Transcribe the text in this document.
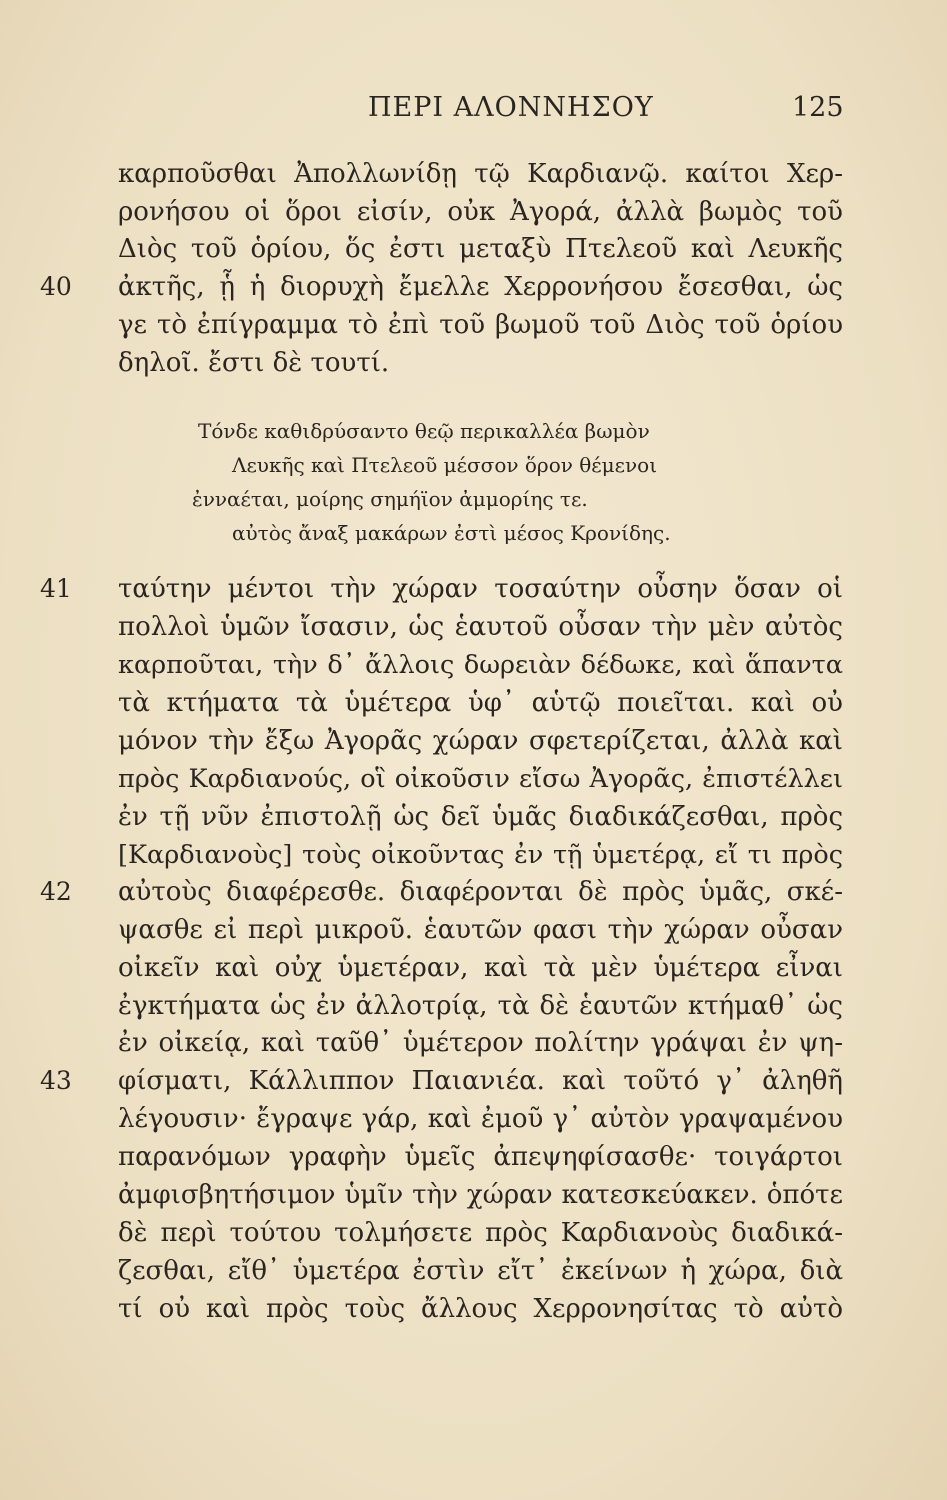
ΠΕΡΙ ΑΛΟΝΝΗΣΟΥ	125
40
41
42
43
καρποῦσθαι Ἀπολλωνίδῃ τῷ Καρδιανῷ. καίτοι Χερ-
ρονήσου οἱ ὅροι εἰσίν, οὐκ Ἀγορά, ἀλλὰ βωμὸς τοῦ
Διὸς τοῦ ὁρίου, ὅς ἐστι μεταξὺ Πτελεοῦ καὶ Λευκῆς
ἀκτῆς, ᾗ ἡ διορυχὴ ἔμελλε Χερρονήσου ἔσεσθαι, ὡς
γε τὸ ἐπίγραμμα τὸ ἐπὶ τοῦ βωμοῦ τοῦ Διὸς τοῦ ὁρίου
δηλοῖ. ἔστι δὲ τουτί.
Τόνδε καθιδρύσαντο θεῷ περικαλλέα βωμὸν
Λευκῆς καὶ Πτελεοῦ μέσσον ὅρον θέμενοι
ἐνναέται, μοίρης σημήϊον ἀμμορίης τε.
αὐτὸς ἄναξ μακάρων ἐστὶ μέσος Κρονίδης.
ταύτην μέντοι τὴν χώραν τοσαύτην οὖσην ὅσαν οἱ
πολλοὶ ὑμῶν ἴσασιν, ὡς ἑαυτοῦ οὖσαν τὴν μὲν αὐτὸς
καρποῦται, τὴν δ᾽ ἄλλοις δωρειὰν δέδωκε, καὶ ἅπαντα
τὰ κτήματα τὰ ὑμέτερα ὑφ᾽ αὑτῷ ποιεῖται. καὶ οὐ
μόνον τὴν ἔξω Ἀγορᾶς χώραν σφετερίζεται, ἀλλὰ καὶ
πρὸς Καρδιανούς, οἳ οἰκοῦσιν εἴσω Ἀγορᾶς, ἐπιστέλλει
ἐν τῇ νῦν ἐπιστολῇ ὡς δεῖ ὑμᾶς διαδικάζεσθαι, πρὸς
[Καρδιανοὺς] τοὺς οἰκοῦντας ἐν τῇ ὑμετέρᾳ, εἴ τι πρὸς
αὐτοὺς διαφέρεσθε. διαφέρονται δὲ πρὸς ὑμᾶς, σκέ-
ψασθε εἰ περὶ μικροῦ. ἑαυτῶν φασι τὴν χώραν οὖσαν
οἰκεῖν καὶ οὐχ ὑμετέραν, καὶ τὰ μὲν ὑμέτερα εἶναι
ἐγκτήματα ὡς ἐν ἀλλοτρίᾳ, τὰ δὲ ἑαυτῶν κτήμαθ᾽ ὡς
ἐν οἰκείᾳ, καὶ ταῦθ᾽ ὑμέτερον πολίτην γράψαι ἐν ψη-
φίσματι, Κάλλιππον Παιανιέα. καὶ τοῦτό γ᾽ ἀληθῆ
λέγουσιν· ἔγραψε γάρ, καὶ ἐμοῦ γ᾽ αὐτὸν γραψαμένου
παρανόμων γραφὴν ὑμεῖς ἀπεψηφίσασθε· τοιγάρτοι
ἀμφισβητήσιμον ὑμῖν τὴν χώραν κατεσκεύακεν. ὁπότε
δὲ περὶ τούτου τολμήσετε πρὸς Καρδιανοὺς διαδικά-
ζεσθαι, εἴθ᾽ ὑμετέρα ἐστὶν εἴτ᾽ ἐκείνων ἡ χώρα, διὰ
τί οὐ καὶ πρὸς τοὺς ἄλλους Χερρονησίτας τὸ αὐτὸ
